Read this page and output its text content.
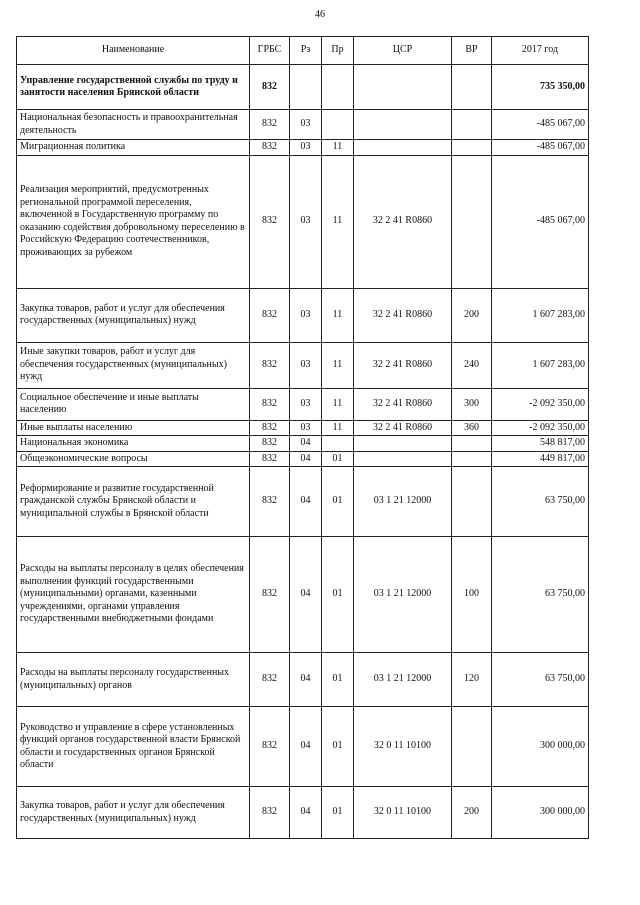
46
Наименование	ГРБС	Рз	Пр	ЦСР	ВР	2017 год
Управление государственной службы по труду и занятости населения Брянской области	832					735 350,00
Национальная безопасность и правоохранительная деятельность	832	03				-485 067,00
Миграционная политика	832	03	11			-485 067,00
Реализация мероприятий, предусмотренных региональной программой переселения, включенной в Государственную программу по оказанию содействия добровольному переселению в Российскую Федерацию соотечественников, проживающих за рубежом	832	03	11	32 2 41 R0860		-485 067,00
Закупка товаров, работ и услуг для обеспечения государственных (муниципальных) нужд	832	03	11	32 2 41 R0860	200	1 607 283,00
Иные закупки товаров, работ и услуг для обеспечения государственных (муниципальных) нужд	832	03	11	32 2 41 R0860	240	1 607 283,00
Социальное обеспечение и иные выплаты населению	832	03	11	32 2 41 R0860	300	-2 092 350,00
Иные выплаты населению	832	03	11	32 2 41 R0860	360	-2 092 350,00
Национальная экономика	832	04				548 817,00
Общеэкономические вопросы	832	04	01			449 817,00
Реформирование и развитие государственной гражданской службы Брянской области и муниципальной службы в Брянской области	832	04	01	03 1 21 12000		63 750,00
Расходы на выплаты персоналу в целях обеспечения выполнения функций государственными (муниципальными) органами, казенными учреждениями, органами управления государственными внебюджетными фондами	832	04	01	03 1 21 12000	100	63 750,00
Расходы на выплаты персоналу государственных (муниципальных) органов	832	04	01	03 1 21 12000	120	63 750,00
Руководство и управление в сфере установленных функций органов государственной власти Брянской области и государственных органов Брянской области	832	04	01	32 0 11 10100		300 000,00
Закупка товаров, работ и услуг для обеспечения государственных (муниципальных) нужд	832	04	01	32 0 11 10100	200	300 000,00
